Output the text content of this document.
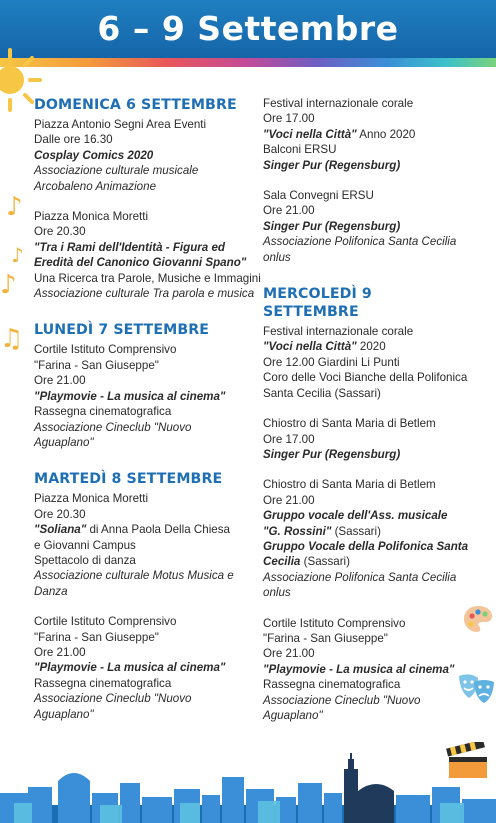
6 – 9 Settembre
♪
♪
♪
♫
DOMENICA 6 SETTEMBRE
Piazza Antonio Segni Area Eventi
Dalle ore 16.30
Cosplay Comics 2020
Associazione culturale musicale
Arcobaleno Animazione
Piazza Monica Moretti
Ore 20.30
"Tra i Rami dell'Identità - Figura ed
Eredità del Canonico Giovanni Spano"
Una Ricerca tra Parole, Musiche e Immagini
Associazione culturale Tra parola e musica
LUNEDÌ 7 SETTEMBRE
Cortile Istituto Comprensivo
"Farina - San Giuseppe"
Ore 21.00
"Playmovie - La musica al cinema"
Rassegna cinematografica
Associazione Cineclub "Nuovo
Aguaplano"
MARTEDÌ 8 SETTEMBRE
Piazza Monica Moretti
Ore 20.30
"Soliana" di Anna Paola Della Chiesa
e Giovanni Campus
Spettacolo di danza
Associazione culturale Motus Musica e
Danza
Cortile Istituto Comprensivo
"Farina - San Giuseppe"
Ore 21.00
"Playmovie - La musica al cinema"
Rassegna cinematografica
Associazione Cineclub "Nuovo
Aguaplano"
Festival internazionale corale
Ore 17.00
"Voci nella Città" Anno 2020
Balconi ERSU
Singer Pur (Regensburg)
Sala Convegni ERSU
Ore 21.00
Singer Pur (Regensburg)
Associazione Polifonica Santa Cecilia
onlus
MERCOLEDÌ 9 SETTEMBRE
Festival internazionale corale
"Voci nella Città" 2020
Ore 12.00 Giardini Li Punti
Coro delle Voci Bianche della Polifonica
Santa Cecilia (Sassari)
Chiostro di Santa Maria di Betlem
Ore 17.00
Singer Pur (Regensburg)
Chiostro di Santa Maria di Betlem
Ore 21.00
Gruppo vocale dell'Ass. musicale
"G. Rossini" (Sassari)
Gruppo Vocale della Polifonica Santa
Cecilia (Sassari)
Associazione Polifonica Santa Cecilia
onlus
Cortile Istituto Comprensivo
"Farina - San Giuseppe"
Ore 21.00
"Playmovie - La musica al cinema"
Rassegna cinematografica
Associazione Cineclub "Nuovo
Aguaplano"
